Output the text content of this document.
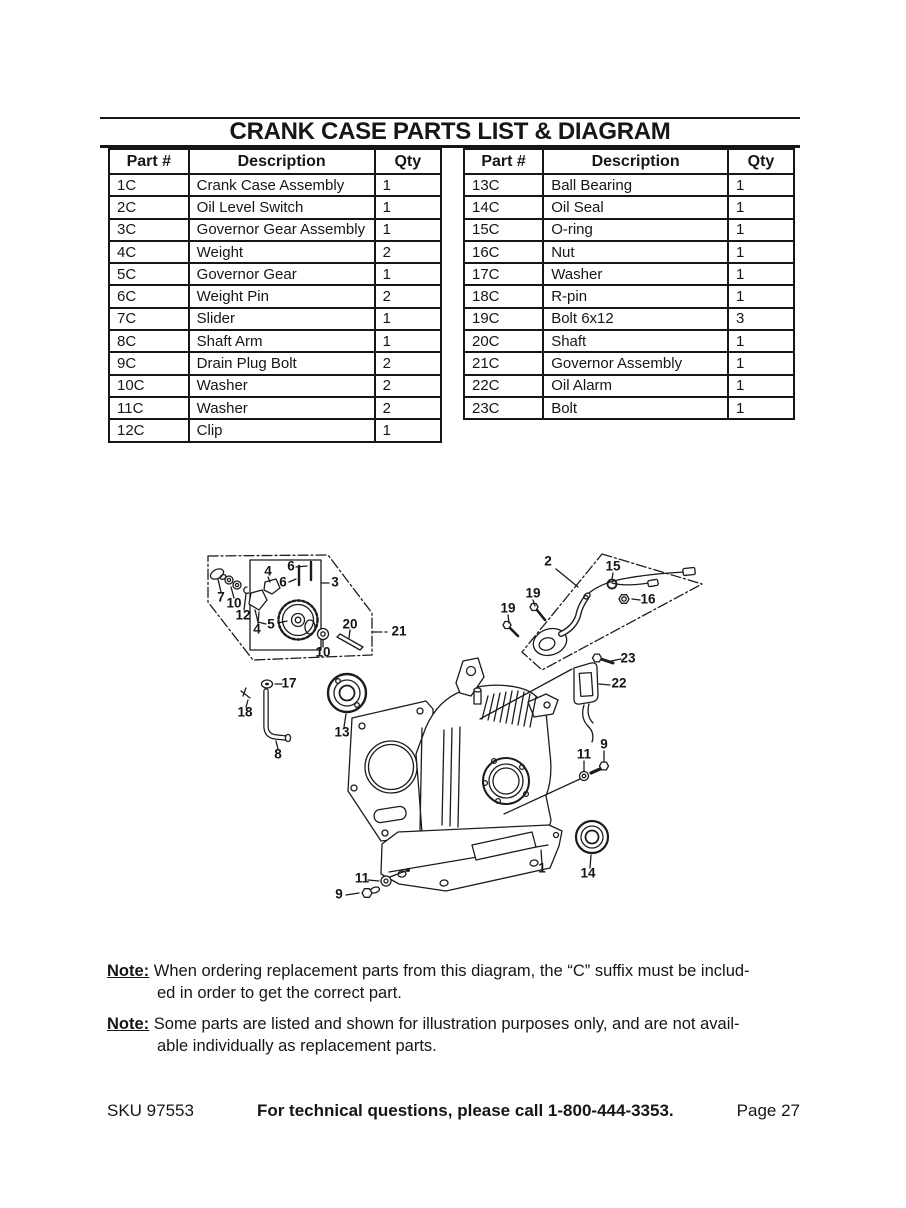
CRANK CASE PARTS LIST & DIAGRAM
Part #	Description	Qty
1C	Crank Case Assembly	1
2C	Oil Level Switch	1
3C	Governor Gear Assembly	1
4C	Weight	2
5C	Governor Gear	1
6C	Weight Pin	2
7C	Slider	1
8C	Shaft Arm	1
9C	Drain Plug Bolt	2
10C	Washer	2
11C	Washer	2
12C	Clip	1
Part #	Description	Qty
13C	Ball Bearing	1
14C	Oil Seal	1
15C	O-ring	1
16C	Nut	1
17C	Washer	1
18C	R-pin	1
19C	Bolt 6x12	3
20C	Shaft	1
21C	Governor Assembly	1
22C	Oil Alarm	1
23C	Bolt	1
7 10
12
4
4 5
6
6
3
20
10
21
17
18
8
13
2	15
19
19
16
23
22
9
11
1	14
11
9
Note: When ordering replacement parts from this diagram, the “C” suffix must be includ-
ed in order to get the correct part.
Note: Some parts are listed and shown for illustration purposes only, and are not avail-
able individually as replacement parts.
SKU 97553	For technical questions, please call 1-800-444-3353.	Page 27
